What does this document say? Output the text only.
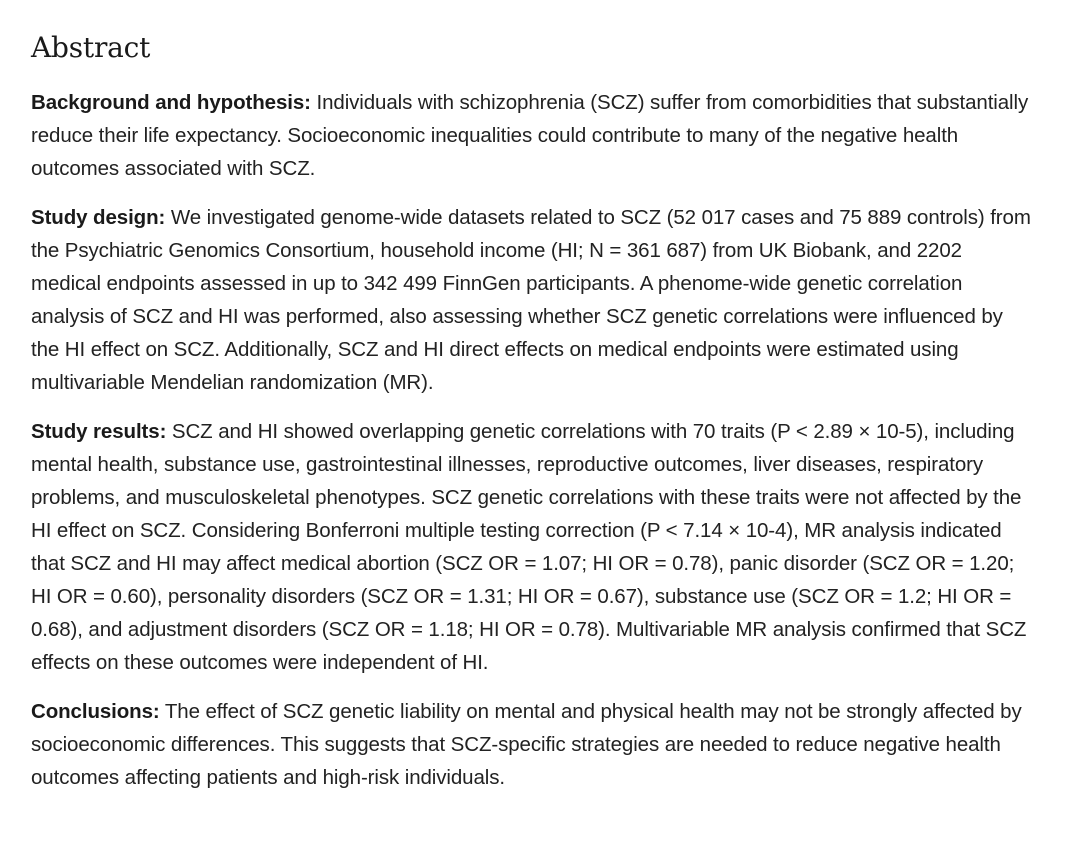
Abstract

Background and hypothesis: Individuals with schizophrenia (SCZ) suffer from comorbidities that substantially reduce their life expectancy. Socioeconomic inequalities could contribute to many of the negative health outcomes associated with SCZ.

Study design: We investigated genome-wide datasets related to SCZ (52 017 cases and 75 889 controls) from the Psychiatric Genomics Consortium, household income (HI; N = 361 687) from UK Biobank, and 2202 medical endpoints assessed in up to 342 499 FinnGen participants. A phenome-wide genetic correlation analysis of SCZ and HI was performed, also assessing whether SCZ genetic correlations were influenced by the HI effect on SCZ. Additionally, SCZ and HI direct effects on medical endpoints were estimated using multivariable Mendelian randomization (MR).

Study results: SCZ and HI showed overlapping genetic correlations with 70 traits (P < 2.89 × 10-5), including mental health, substance use, gastrointestinal illnesses, reproductive outcomes, liver diseases, respiratory problems, and musculoskeletal phenotypes. SCZ genetic correlations with these traits were not affected by the HI effect on SCZ. Considering Bonferroni multiple testing correction (P < 7.14 × 10-4), MR analysis indicated that SCZ and HI may affect medical abortion (SCZ OR = 1.07; HI OR = 0.78), panic disorder (SCZ OR = 1.20; HI OR = 0.60), personality disorders (SCZ OR = 1.31; HI OR = 0.67), substance use (SCZ OR = 1.2; HI OR = 0.68), and adjustment disorders (SCZ OR = 1.18; HI OR = 0.78). Multivariable MR analysis confirmed that SCZ effects on these outcomes were independent of HI.

Conclusions: The effect of SCZ genetic liability on mental and physical health may not be strongly affected by socioeconomic differences. This suggests that SCZ-specific strategies are needed to reduce negative health outcomes affecting patients and high-risk individuals.
